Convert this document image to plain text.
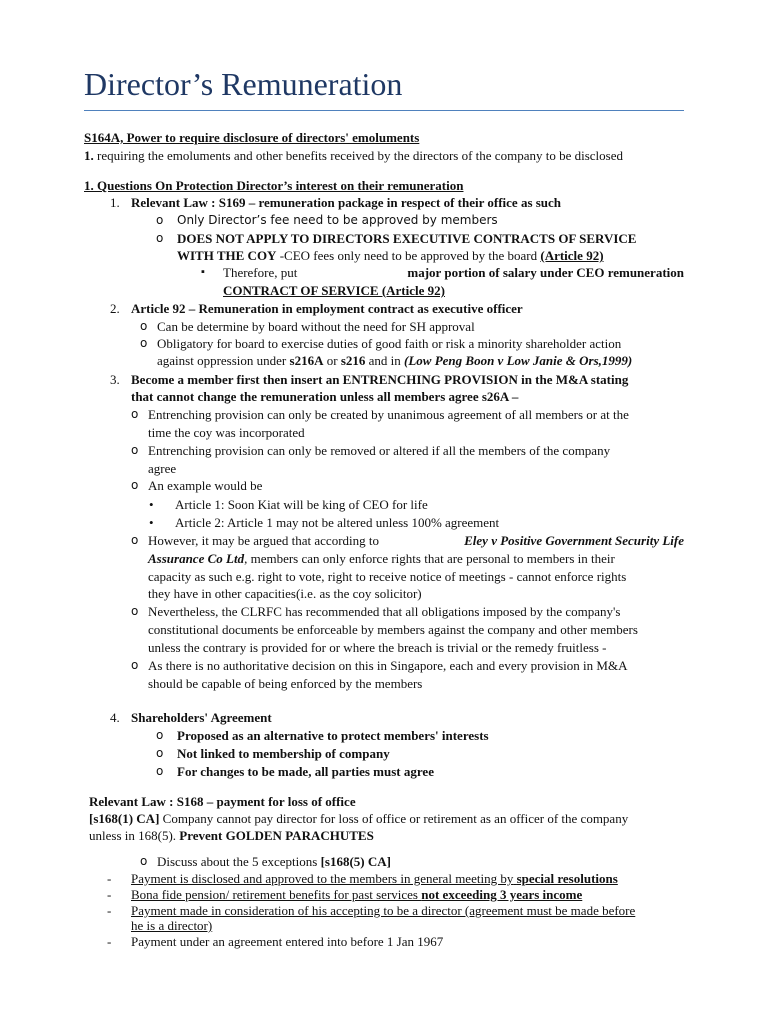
Director’s Remuneration
S164A, Power to require disclosure of directors' emoluments
1. requiring the emoluments and other benefits received by the directors of the company to be disclosed
1. Questions On Protection Director’s interest on their remuneration
1. Relevant Law : S169 – remuneration package in respect of their office as such
o Only Director’s fee need to be approved by members
o DOES NOT APPLY TO DIRECTORS EXECUTIVE CONTRACTS OF SERVICE
WITH THE COY -CEO fees only need to be approved by the board (Article 92)
▪ Therefore, put	major portion of salary under CEO remuneration
CONTRACT OF SERVICE (Article 92)
2. Article 92 – Remuneration in employment contract as executive officer
o Can be determine by board without the need for SH approval
o Obligatory for board to exercise duties of good faith or risk a minority shareholder action
against oppression under s216A or s216 and in (Low Peng Boon v Low Janie & Ors,1999)
3. Become a member first then insert an ENTRENCHING PROVISION in the M&A stating
that cannot change the remuneration unless all members agree s26A –
o Entrenching provision can only be created by unanimous agreement of all members or at the
time the coy was incorporated
o Entrenching provision can only be removed or altered if all the members of the company
agree
o An example would be
• Article 1: Soon Kiat will be king of CEO for life
• Article 2: Article 1 may not be altered unless 100% agreement
o However, it may be argued that according to	Eley v Positive Government Security Life
Assurance Co Ltd, members can only enforce rights that are personal to members in their
capacity as such e.g. right to vote, right to receive notice of meetings - cannot enforce rights
they have in other capacities(i.e. as the coy solicitor)
o Nevertheless, the CLRFC has recommended that all obligations imposed by the company's
constitutional documents be enforceable by members against the company and other members
unless the contrary is provided for or where the breach is trivial or the remedy fruitless -
o As there is no authoritative decision on this in Singapore, each and every provision in M&A
should be capable of being enforced by the members
4. Shareholders' Agreement
o Proposed as an alternative to protect members' interests
o Not linked to membership of company
o For changes to be made, all parties must agree
Relevant Law : S168 – payment for loss of office
[s168(1) CA] Company cannot pay director for loss of office or retirement as an officer of the company
unless in 168(5). Prevent GOLDEN PARACHUTES
o Discuss about the 5 exceptions [s168(5) CA]
- Payment is disclosed and approved to the members in general meeting by special resolutions
- Bona fide pension/ retirement benefits for past services not exceeding 3 years income
- Payment made in consideration of his accepting to be a director (agreement must be made before
he is a director)
- Payment under an agreement entered into before 1 Jan 1967
